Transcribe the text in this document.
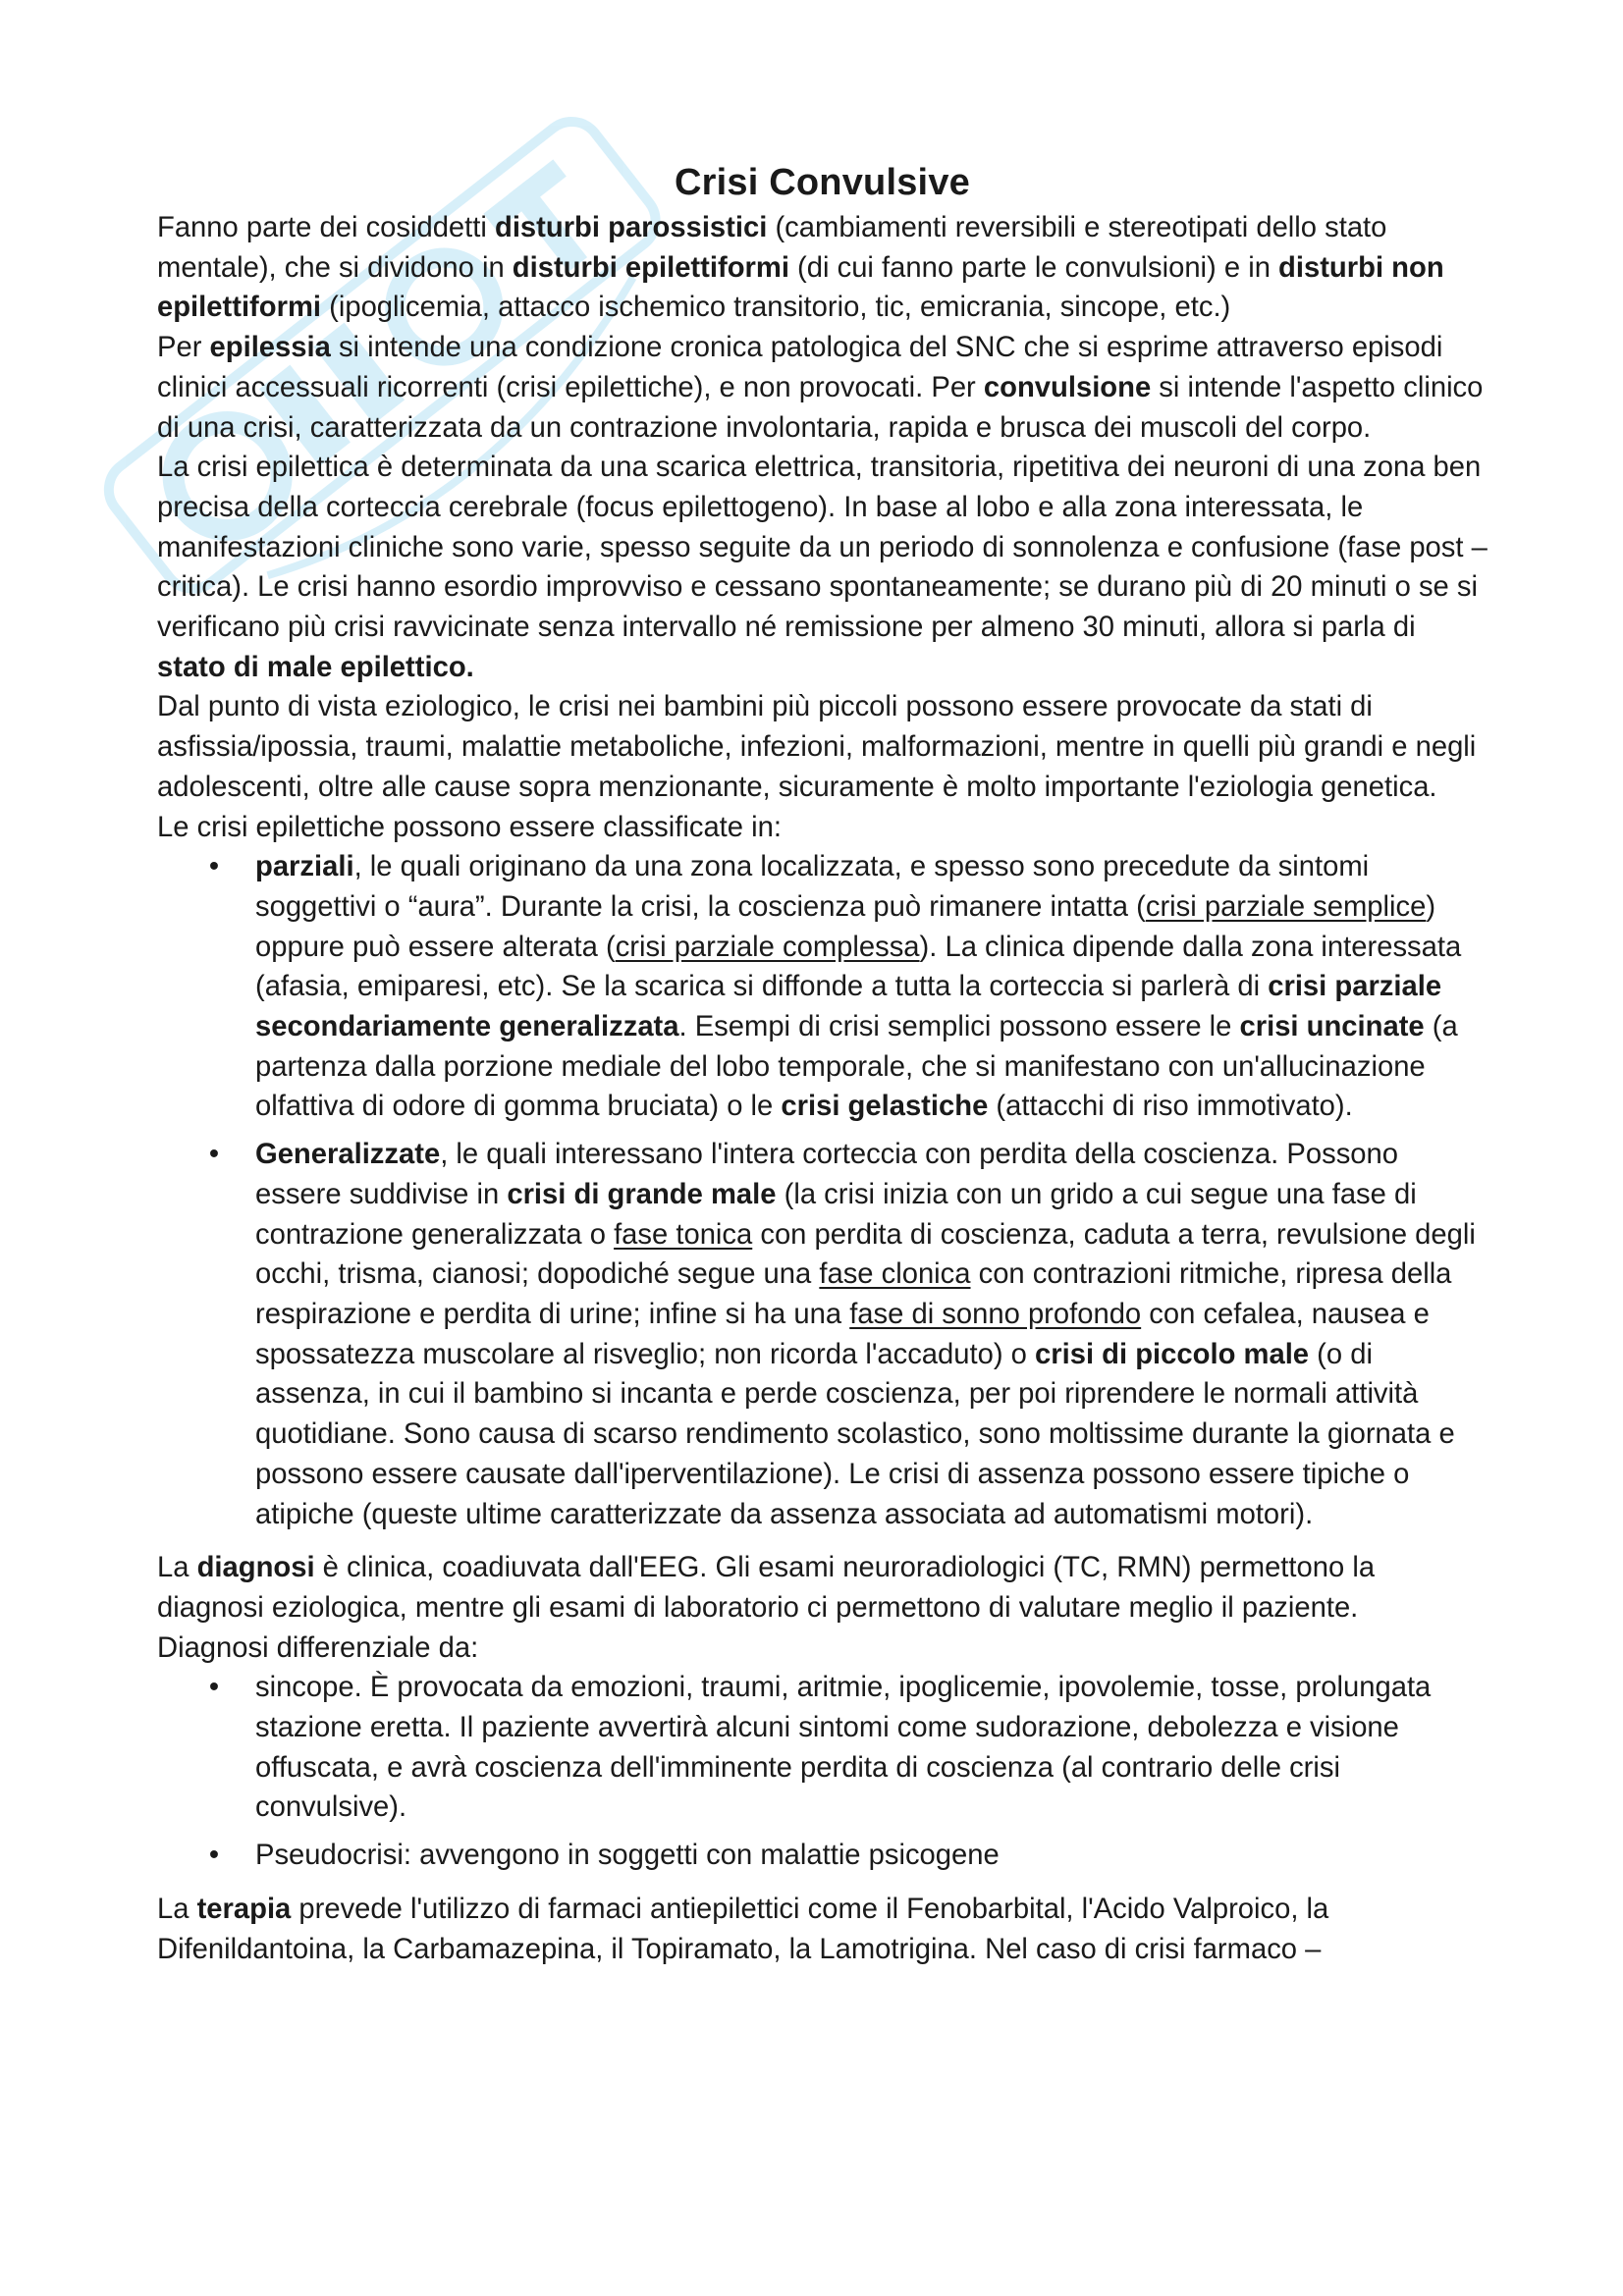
Crisi Convulsive

Fanno parte dei cosiddetti disturbi parossistici (cambiamenti reversibili e stereotipati dello stato mentale), che si dividono in disturbi epilettiformi (di cui fanno parte le convulsioni) e in disturbi non epilettiformi (ipoglicemia, attacco ischemico transitorio, tic, emicrania, sincope, etc.)

Per epilessia si intende una condizione cronica patologica del SNC che si esprime attraverso episodi clinici accessuali ricorrenti (crisi epilettiche), e non provocati. Per convulsione si intende l'aspetto clinico di una crisi, caratterizzata da un contrazione involontaria, rapida e brusca dei muscoli del corpo.

La crisi epilettica è determinata da una scarica elettrica, transitoria, ripetitiva dei neuroni di una zona ben precisa della corteccia cerebrale (focus epilettogeno). In base al lobo e alla zona interessata, le manifestazioni cliniche sono varie, spesso seguite da un periodo di sonnolenza e confusione (fase post – critica). Le crisi hanno esordio improvviso e cessano spontaneamente; se durano più di 20 minuti o se si verificano più crisi ravvicinate senza intervallo né remissione per almeno 30 minuti, allora si parla di stato di male epilettico.

Dal punto di vista eziologico, le crisi nei bambini più piccoli possono essere provocate da stati di asfissia/ipossia, traumi, malattie metaboliche, infezioni, malformazioni, mentre in quelli più grandi e negli adolescenti, oltre alle cause sopra menzionante, sicuramente è molto importante l'eziologia genetica.

Le crisi epilettiche possono essere classificate in:

• parziali, le quali originano da una zona localizzata, e spesso sono precedute da sintomi soggettivi o “aura”. Durante la crisi, la coscienza può rimanere intatta (crisi parziale semplice) oppure può essere alterata (crisi parziale complessa). La clinica dipende dalla zona interessata (afasia, emiparesi, etc). Se la scarica si diffonde a tutta la corteccia si parlerà di crisi parziale secondariamente generalizzata. Esempi di crisi semplici possono essere le crisi uncinate (a partenza dalla porzione mediale del lobo temporale, che si manifestano con un'allucinazione olfattiva di odore di gomma bruciata) o le crisi gelastiche (attacchi di riso immotivato).
• Generalizzate, le quali interessano l'intera corteccia con perdita della coscienza. Possono essere suddivise in crisi di grande male (la crisi inizia con un grido a cui segue una fase di contrazione generalizzata o fase tonica con perdita di coscienza, caduta a terra, revulsione degli occhi, trisma, cianosi; dopodiché segue una fase clonica con contrazioni ritmiche, ripresa della respirazione e perdita di urine; infine si ha una fase di sonno profondo con cefalea, nausea e spossatezza muscolare al risveglio; non ricorda l'accaduto) o crisi di piccolo male (o di assenza, in cui il bambino si incanta e perde coscienza, per poi riprendere le normali attività quotidiane. Sono causa di scarso rendimento scolastico, sono moltissime durante la giornata e possono essere causate dall'iperventilazione). Le crisi di assenza possono essere tipiche o atipiche (queste ultime caratterizzate da assenza associata ad automatismi motori).

La diagnosi è clinica, coadiuvata dall'EEG. Gli esami neuroradiologici (TC, RMN) permettono la diagnosi eziologica, mentre gli esami di laboratorio ci permettono di valutare meglio il paziente.

Diagnosi differenziale da:

• sincope. È provocata da emozioni, traumi, aritmie, ipoglicemie, ipovolemie, tosse, prolungata stazione eretta. Il paziente avvertirà alcuni sintomi come sudorazione, debolezza e visione offuscata, e avrà coscienza dell'imminente perdita di coscienza (al contrario delle crisi convulsive).
• Pseudocrisi: avvengono in soggetti con malattie psicogene

La terapia prevede l'utilizzo di farmaci antiepilettici come il Fenobarbital, l'Acido Valproico, la Difenildantoina, la Carbamazepina, il Topiramato, la Lamotrigina. Nel caso di crisi farmaco –
